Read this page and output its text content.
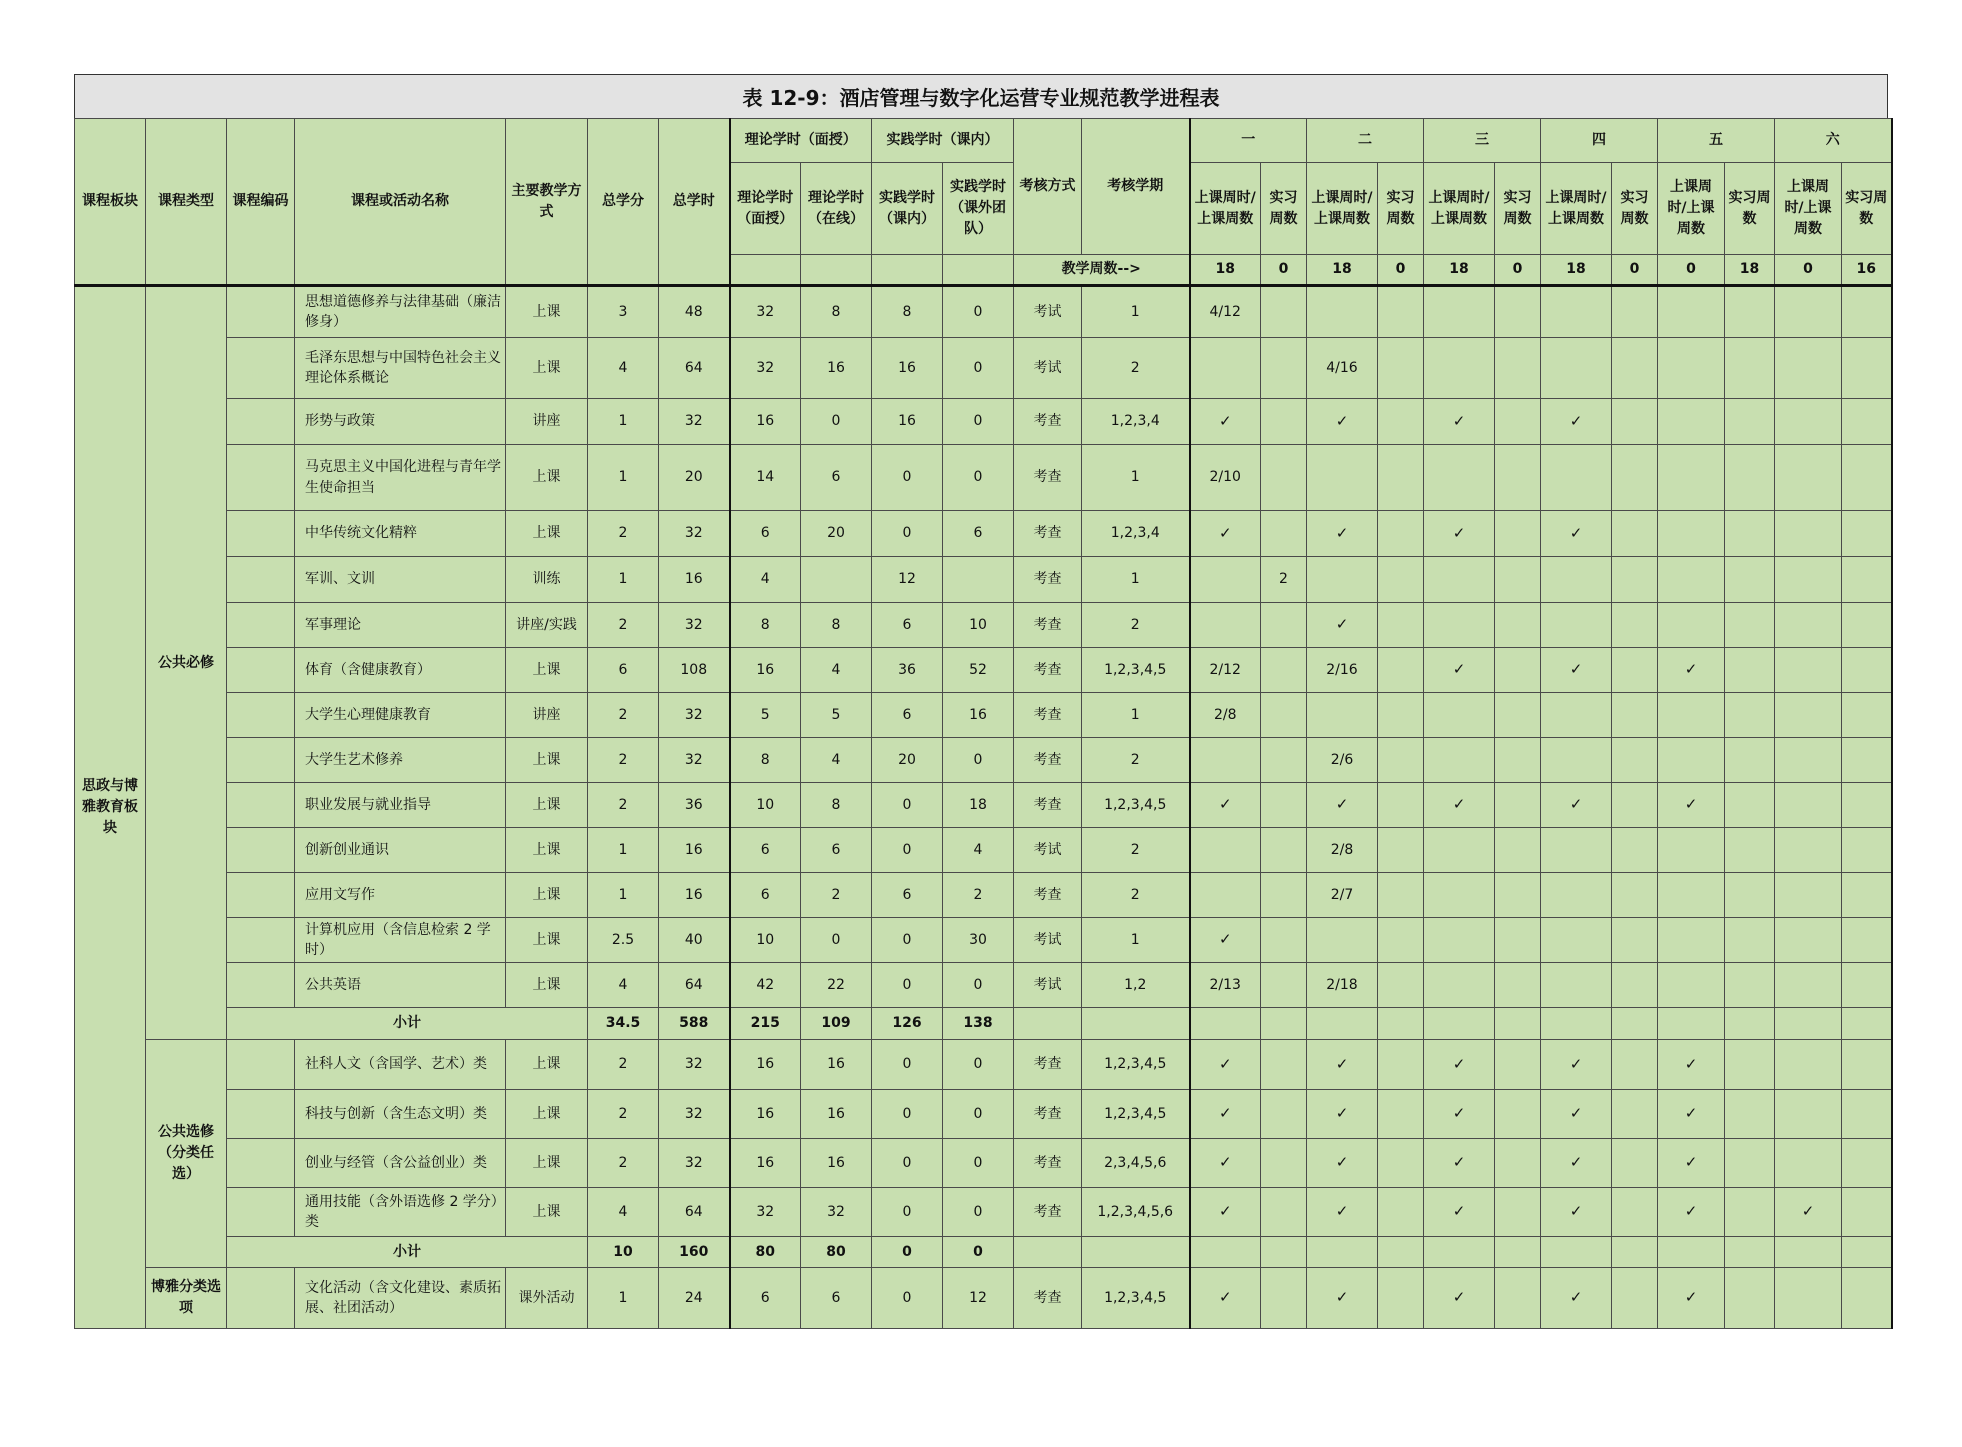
表 12-9：酒店管理与数字化运营专业规范教学进程表
课程板块	课程类型	课程编码	课程或活动名称	主要教学方式	总学分	总学时	理论学时（面授）		实践学时（课内）		考核方式	考核学期	一		二		三		四		五		六	
							理论学时（面授）	理论学时（在线）	实践学时（课内）	实践学时（课外团队）			上课周时/上课周数	实习周数	上课周时/上课周数	实习周数	上课周时/上课周数	实习周数	上课周时/上课周数	实习周数	上课周时/上课周数	实习周数	上课周时/上课周数	实习周数
											教学周数-->		18	0	18	0	18	0	18	0	0	18	0	16
思政与博雅教育板块	公共必修		思想道德修养与法律基础（廉洁修身）	上课	3	48	32	8	8	0	考试	1	4/12											
			毛泽东思想与中国特色社会主义理论体系概论	上课	4	64	32	16	16	0	考试	2			4/16									
			形势与政策	讲座	1	32	16	0	16	0	考查	1,2,3,4	✓		✓		✓		✓					
			马克思主义中国化进程与青年学生使命担当	上课	1	20	14	6	0	0	考查	1	2/10											
			中华传统文化精粹	上课	2	32	6	20	0	6	考查	1,2,3,4	✓		✓		✓		✓					
			军训、文训	训练	1	16	4		12		考查	1		2										
			军事理论	讲座/实践	2	32	8	8	6	10	考查	2			✓									
			体育（含健康教育）	上课	6	108	16	4	36	52	考查	1,2,3,4,5	2/12		2/16		✓		✓		✓			
			大学生心理健康教育	讲座	2	32	5	5	6	16	考查	1	2/8											
			大学生艺术修养	上课	2	32	8	4	20	0	考查	2			2/6									
			职业发展与就业指导	上课	2	36	10	8	0	18	考查	1,2,3,4,5	✓		✓		✓		✓		✓			
			创新创业通识	上课	1	16	6	6	0	4	考试	2			2/8									
			应用文写作	上课	1	16	6	2	6	2	考查	2			2/7									
			计算机应用（含信息检索 2 学时）	上课	2.5	40	10	0	0	30	考试	1	✓											
			公共英语	上课	4	64	42	22	0	0	考试	1,2	2/13		2/18									
		小计			34.5	588	215	109	126	138														
	公共选修（分类任选）		社科人文（含国学、艺术）类	上课	2	32	16	16	0	0	考查	1,2,3,4,5	✓		✓		✓		✓		✓			
			科技与创新（含生态文明）类	上课	2	32	16	16	0	0	考查	1,2,3,4,5	✓		✓		✓		✓		✓			
			创业与经管（含公益创业）类	上课	2	32	16	16	0	0	考查	2,3,4,5,6	✓		✓		✓		✓		✓			
			通用技能（含外语选修 2 学分）类	上课	4	64	32	32	0	0	考查	1,2,3,4,5,6	✓		✓		✓		✓		✓		✓	
		小计			10	160	80	80	0	0														
	博雅分类选项		文化活动（含文化建设、素质拓展、社团活动）	课外活动	1	24	6	6	0	12	考查	1,2,3,4,5	✓		✓		✓		✓		✓			
